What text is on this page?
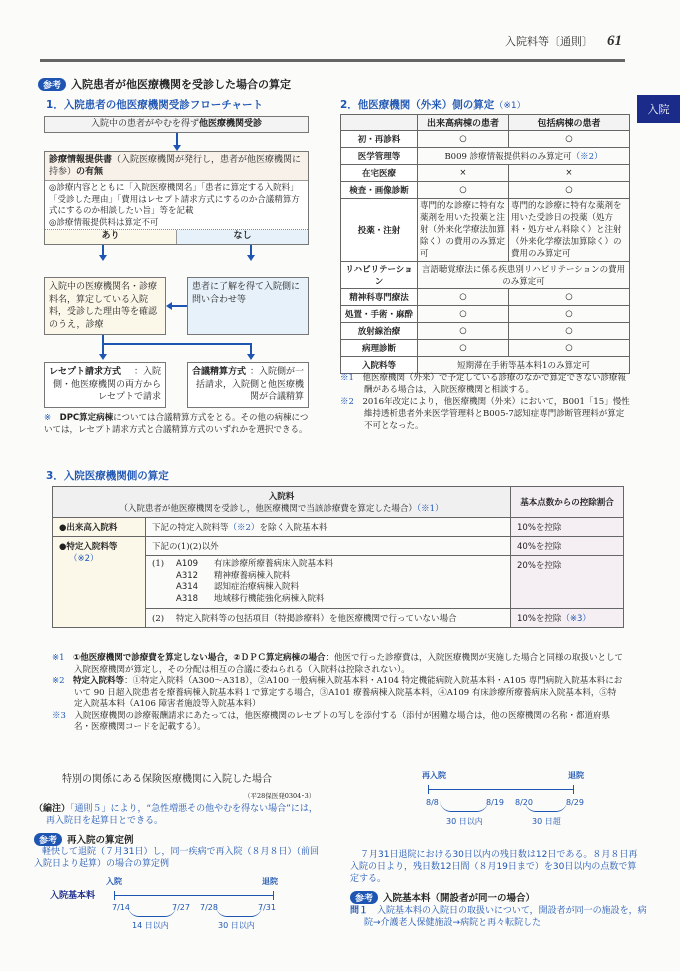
入院料等〔通則〕 61
入院
参考 入院患者が他医療機関を受診した場合の算定
1．入院患者の他医療機関受診フローチャート
入院中の患者がやむを得ず他医療機関受診
診療情報提供書（入院医療機関が発行し，患者が他医療機関に持参）の有無
◎診療内容とともに「入院医療機関名」「患者に算定する入院料」「受診した理由」「費用はレセプト請求方式にするのか合議精算方式にするのか相談したい旨」等を記載
◎診療情報提供料は算定不可
あり	なし
入院中の医療機関名・診療料名，算定している入院料，受診した理由等を確認のうえ，診療
患者に了解を得て入院側に問い合わせ等
レセプト請求方式 ：入院側・他医療機関の両方からレセプトで請求
合議精算方式 ：入院側が一括請求，入院側と他医療機関が合議精算
※　 DPC算定病棟については合議精算方式をとる。その他の病棟については，レセプト請求方式と合議精算方式のいずれかを選択できる。
2．他医療機関（外来）側の算定（※1）
	出来高病棟の患者	包括病棟の患者
初・再診料	○	○
医学管理等	B009 診療情報提供料のみ算定可（※2）	
在宅医療	×	×
検査・画像診断	○	○
投薬・注射	専門的な診療に特有な薬剤を用いた投薬と注射（外来化学療法加算除く）の費用のみ算定可	専門的な診療に特有な薬剤を用いた受診日の投薬（処方料・処方せん料除く）と注射（外来化学療法加算除く）の費用のみ算定可
リハビリテーション	言語聴覚療法に係る疾患別リハビリテーションの費用のみ算定可	
精神科専門療法	○	○
処置・手術・麻酔	○	○
放射線治療	○	○
病理診断	○	○
入院料等	短期滞在手術等基本料1のみ算定可	
※1　 他医療機関（外来）で予定している診療のなかで算定できない診療報酬がある場合は，入院医療機関と相談する。
※2　 2016年改定により，他医療機関（外来）において，B001「15」慢性維持透析患者外来医学管理料とB005-7認知症専門診断管理料が算定不可となった。
3．入院医療機関側の算定
入院料
（入院患者が他医療機関を受診し，他医療機関で当該診療費を算定した場合）（※1）		基本点数からの控除割合
●出来高入院料	下記の特定入院料等（※2）を除く入院基本料	10%を控除
●特定入院料等
（※2）	下記の(1)(2)以外	40%を控除

	(1) A109 有床診療所療養病床入院基本料
A312 精神療養病棟入院料
A314 認知症治療病棟入院料
A318 地域移行機能強化病棟入院料	20%を控除
	(2) 特定入院料等の包括項目（特掲診療料）を他医療機関で行っていない場合	10%を控除（※3）
※1　 ①他医療機関で診療費を算定しない場合，②ＤＰＣ算定病棟の場合：他医で行った診療費は，入院医療機関が実施した場合と同様の取扱いとして入院医療機関が算定し，その分配は相互の合議に委ねられる（入院料は控除されない）。
※2　 特定入院料等：①特定入院料（A300～A318），②A100 一般病棟入院基本料・A104 特定機能病院入院基本料・A105 専門病院入院基本料において 90 日超入院患者を療養病棟入院基本料１で算定する場合，③A101 療養病棟入院基本料，④A109 有床診療所療養病床入院基本料，⑤特定入院基本料（A106 障害者施設等入院基本料）
※3　 入院医療機関の診療報酬請求にあたっては，他医療機関のレセプトの写しを添付する（添付が困難な場合は，他の医療機関の名称・都道府県名・医療機関コードを記載する）。
特別の関係にある保険医療機関に入院した場合
（平28保医発0304･3）
（編注）「通則５」により，“急性増悪その他やむを得ない場合”には，再入院日を起算日とできる。
参考 再入院の算定例
軽快して退院（７月31日）し，同一疾病で再入院（８月８日）（前回入院日より起算）の場合の算定例
入院	退院
入院基本料
7/14	7/27 7/28	7/31
14 日以内	30 日以内
再入院	退院
8/8	8/19 8/20	8/29
30 日以内	30 日超
７月31日退院における30日以内の残日数は12日である。８月８日再入院の日より，残日数12日間（８月19日まで）を30日以内の点数で算定する。
参考 入院基本料（開設者が同一の場合）
問１　 入院基本料の入院日の取扱いについて，開設者が同一の施設を，病院→介護老人保健施設→病院と再々転院した
